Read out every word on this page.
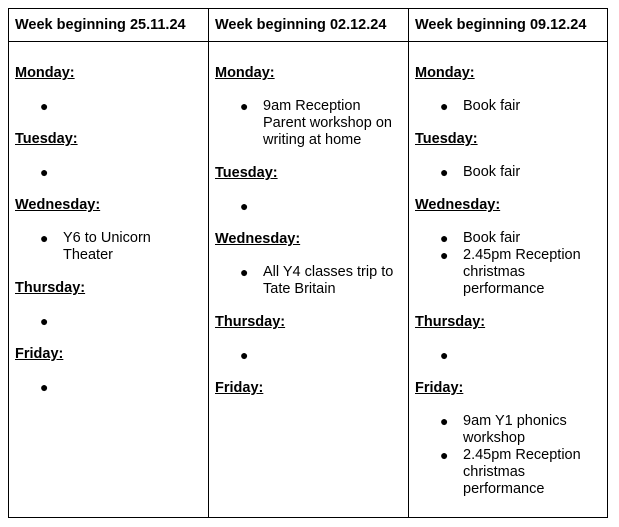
Week beginning 25.11.24	Week beginning 02.12.24	Week beginning 09.12.24

Monday:

●

Tuesday:

●

Wednesday:

● Y6 to Unicorn Theater

Thursday:

●

Friday:

●

Monday:

● 9am Reception Parent workshop on writing at home

Tuesday:

●

Wednesday:

● All Y4 classes trip to Tate Britain

Thursday:

●

Friday:

Monday:

● Book fair

Tuesday:

● Book fair

Wednesday:

● Book fair
● 2.45pm Reception christmas performance

Thursday:

●

Friday:

● 9am Y1 phonics workshop
● 2.45pm Reception christmas performance
